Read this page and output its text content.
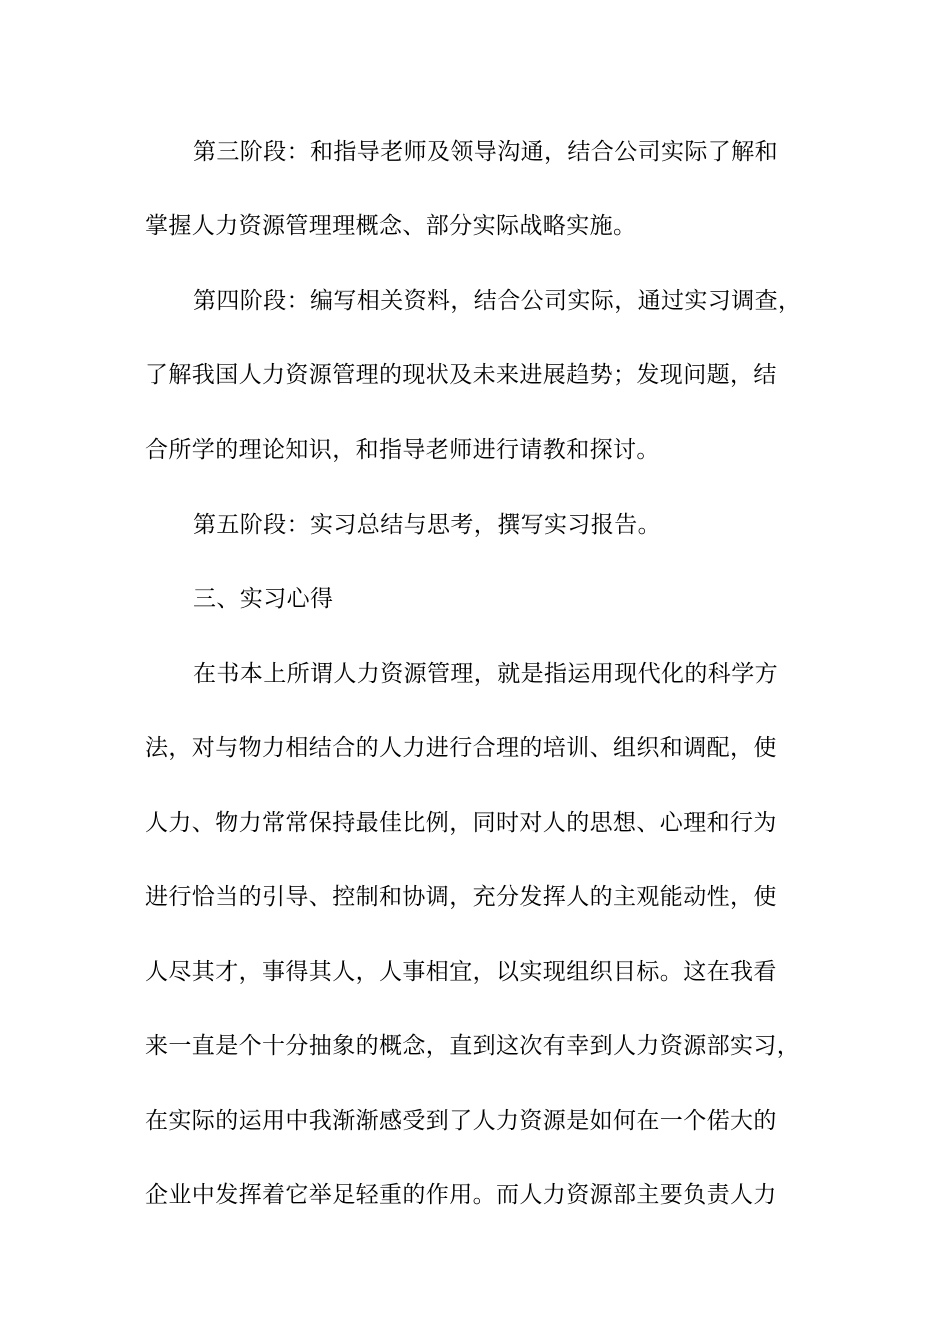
第三阶段：和指导老师及领导沟通，结合公司实际了解和
掌握人力资源管理理概念、部分实际战略实施。
第四阶段：编写相关资料，结合公司实际，通过实习调查，
了解我国人力资源管理的现状及未来进展趋势；发现问题，结
合所学的理论知识，和指导老师进行请教和探讨。
第五阶段：实习总结与思考，撰写实习报告。
三、实习心得
在书本上所谓人力资源管理，就是指运用现代化的科学方
法，对与物力相结合的人力进行合理的培训、组织和调配，使
人力、物力常常保持最佳比例，同时对人的思想、心理和行为
进行恰当的引导、控制和协调，充分发挥人的主观能动性，使
人尽其才，事得其人，人事相宜，以实现组织目标。这在我看
来一直是个十分抽象的概念，直到这次有幸到人力资源部实习，
在实际的运用中我渐渐感受到了人力资源是如何在一个偌大的
企业中发挥着它举足轻重的作用。而人力资源部主要负责人力
